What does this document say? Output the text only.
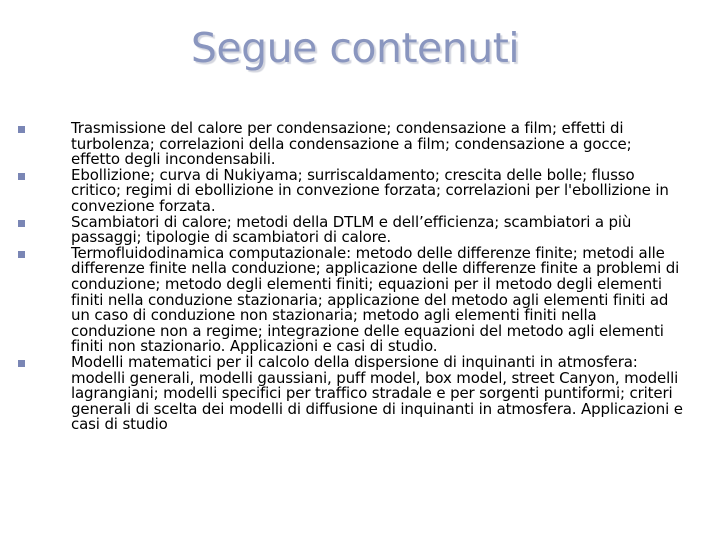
Segue contenuti
Trasmissione del calore per condensazione; condensazione a film; effetti di turbolenza; correlazioni della condensazione a film; condensazione a gocce; effetto degli incondensabili.
Ebollizione; curva di Nukiyama; surriscaldamento; crescita delle bolle; flusso critico; regimi di ebollizione in convezione forzata; correlazioni per l'ebollizione in convezione forzata.
Scambiatori di calore; metodi della DTLM e dell’efficienza; scambiatori a più passaggi; tipologie di scambiatori di calore.
Termofluidodinamica computazionale: metodo delle differenze finite; metodi alle differenze finite nella conduzione; applicazione delle differenze finite a problemi di conduzione; metodo degli elementi finiti; equazioni per il metodo degli elementi finiti nella conduzione stazionaria; applicazione del metodo agli elementi finiti ad un caso di conduzione non stazionaria; metodo agli elementi finiti nella conduzione non a regime; integrazione delle equazioni del metodo agli elementi finiti non stazionario. Applicazioni e casi di studio.
Modelli matematici per il calcolo della dispersione di inquinanti in atmosfera: modelli generali, modelli gaussiani, puff model, box model, street Canyon, modelli lagrangiani; modelli specifici per traffico stradale e per sorgenti puntiformi; criteri generali di scelta dei modelli di diffusione di inquinanti in atmosfera. Applicazioni e casi di studio
